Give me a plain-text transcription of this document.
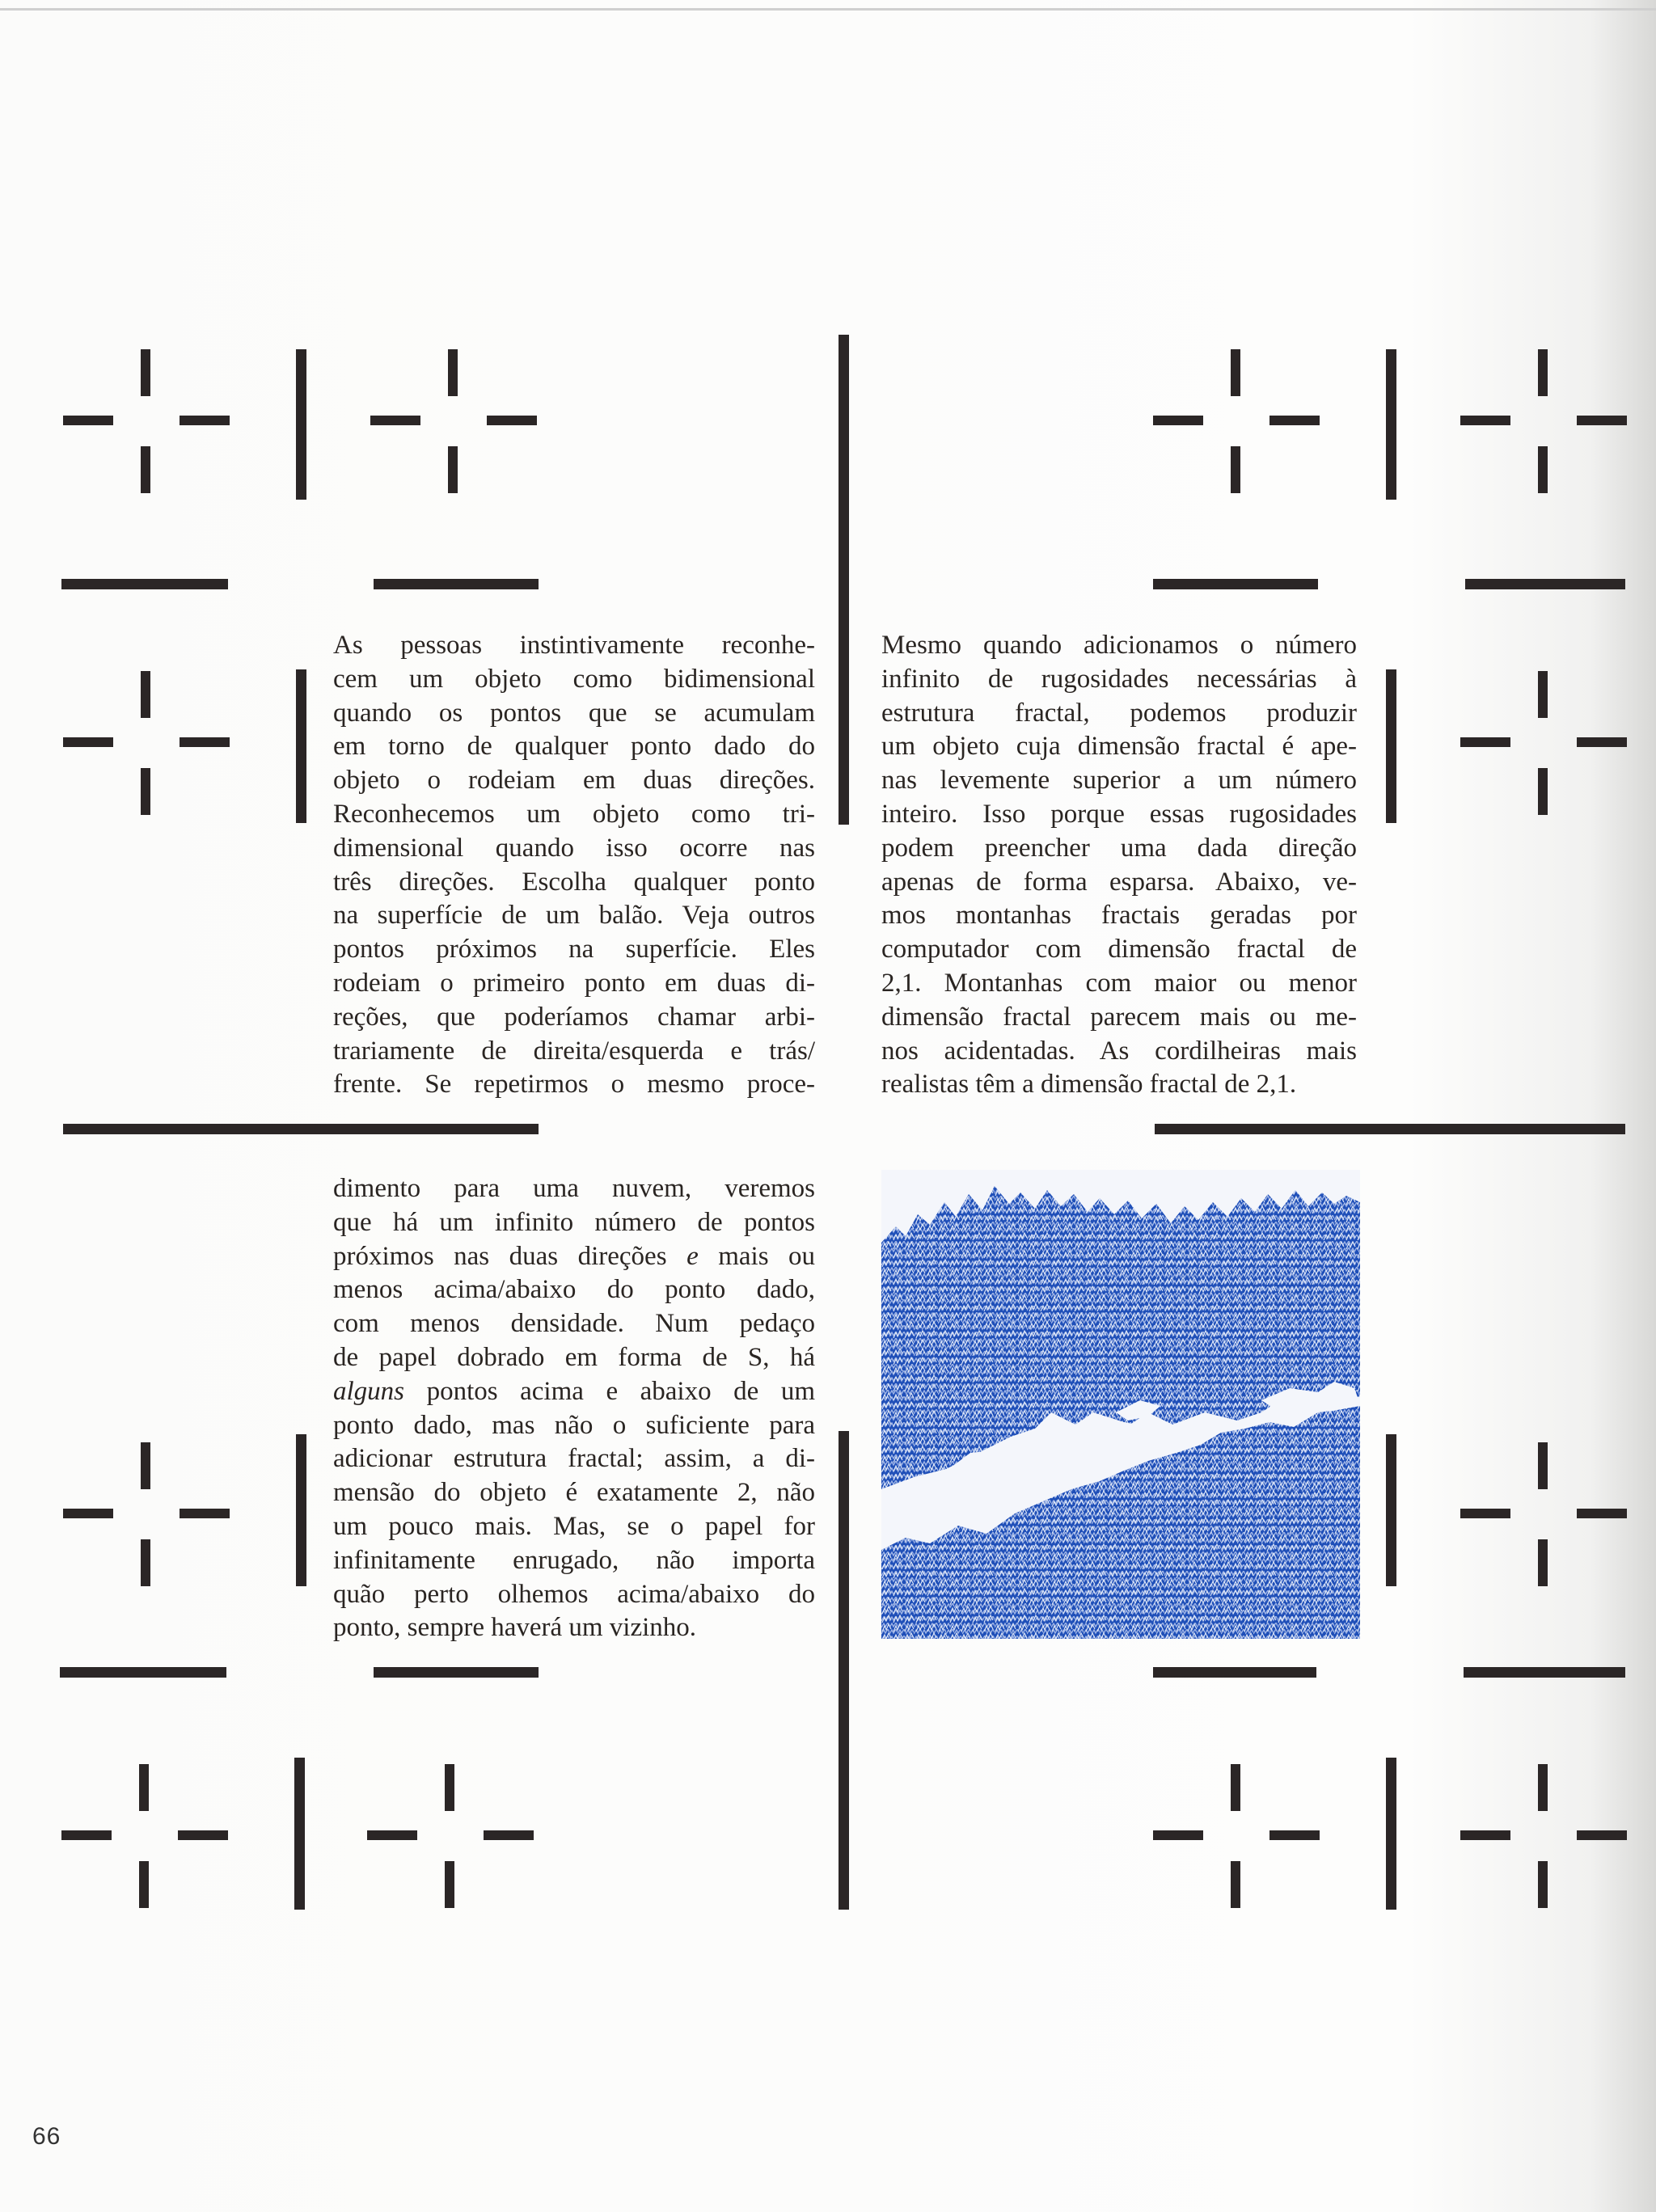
As pessoas instintivamente reconhe-
cem um objeto como bidimensional
quando os pontos que se acumulam
em torno de qualquer ponto dado do
objeto o rodeiam em duas direções.
Reconhecemos um objeto como tri-
dimensional quando isso ocorre nas
três direções. Escolha qualquer ponto
na superfície de um balão. Veja outros
pontos próximos na superfície. Eles
rodeiam o primeiro ponto em duas di-
reções, que poderíamos chamar arbi-
trariamente de direita/esquerda e trás/
frente. Se repetirmos o mesmo proce-
dimento para uma nuvem, veremos
que há um infinito número de pontos
próximos nas duas direções e mais ou
menos acima/abaixo do ponto dado,
com menos densidade. Num pedaço
de papel dobrado em forma de S, há
alguns pontos acima e abaixo de um
ponto dado, mas não o suficiente para
adicionar estrutura fractal; assim, a di-
mensão do objeto é exatamente 2, não
um pouco mais. Mas, se o papel for
infinitamente enrugado, não importa
quão perto olhemos acima/abaixo do
ponto, sempre haverá um vizinho.
Mesmo quando adicionamos o número
infinito de rugosidades necessárias à
estrutura fractal, podemos produzir
um objeto cuja dimensão fractal é ape-
nas levemente superior a um número
inteiro. Isso porque essas rugosidades
podem preencher uma dada direção
apenas de forma esparsa. Abaixo, ve-
mos montanhas fractais geradas por
computador com dimensão fractal de
2,1. Montanhas com maior ou menor
dimensão fractal parecem mais ou me-
nos acidentadas. As cordilheiras mais
realistas têm a dimensão fractal de 2,1.
66
